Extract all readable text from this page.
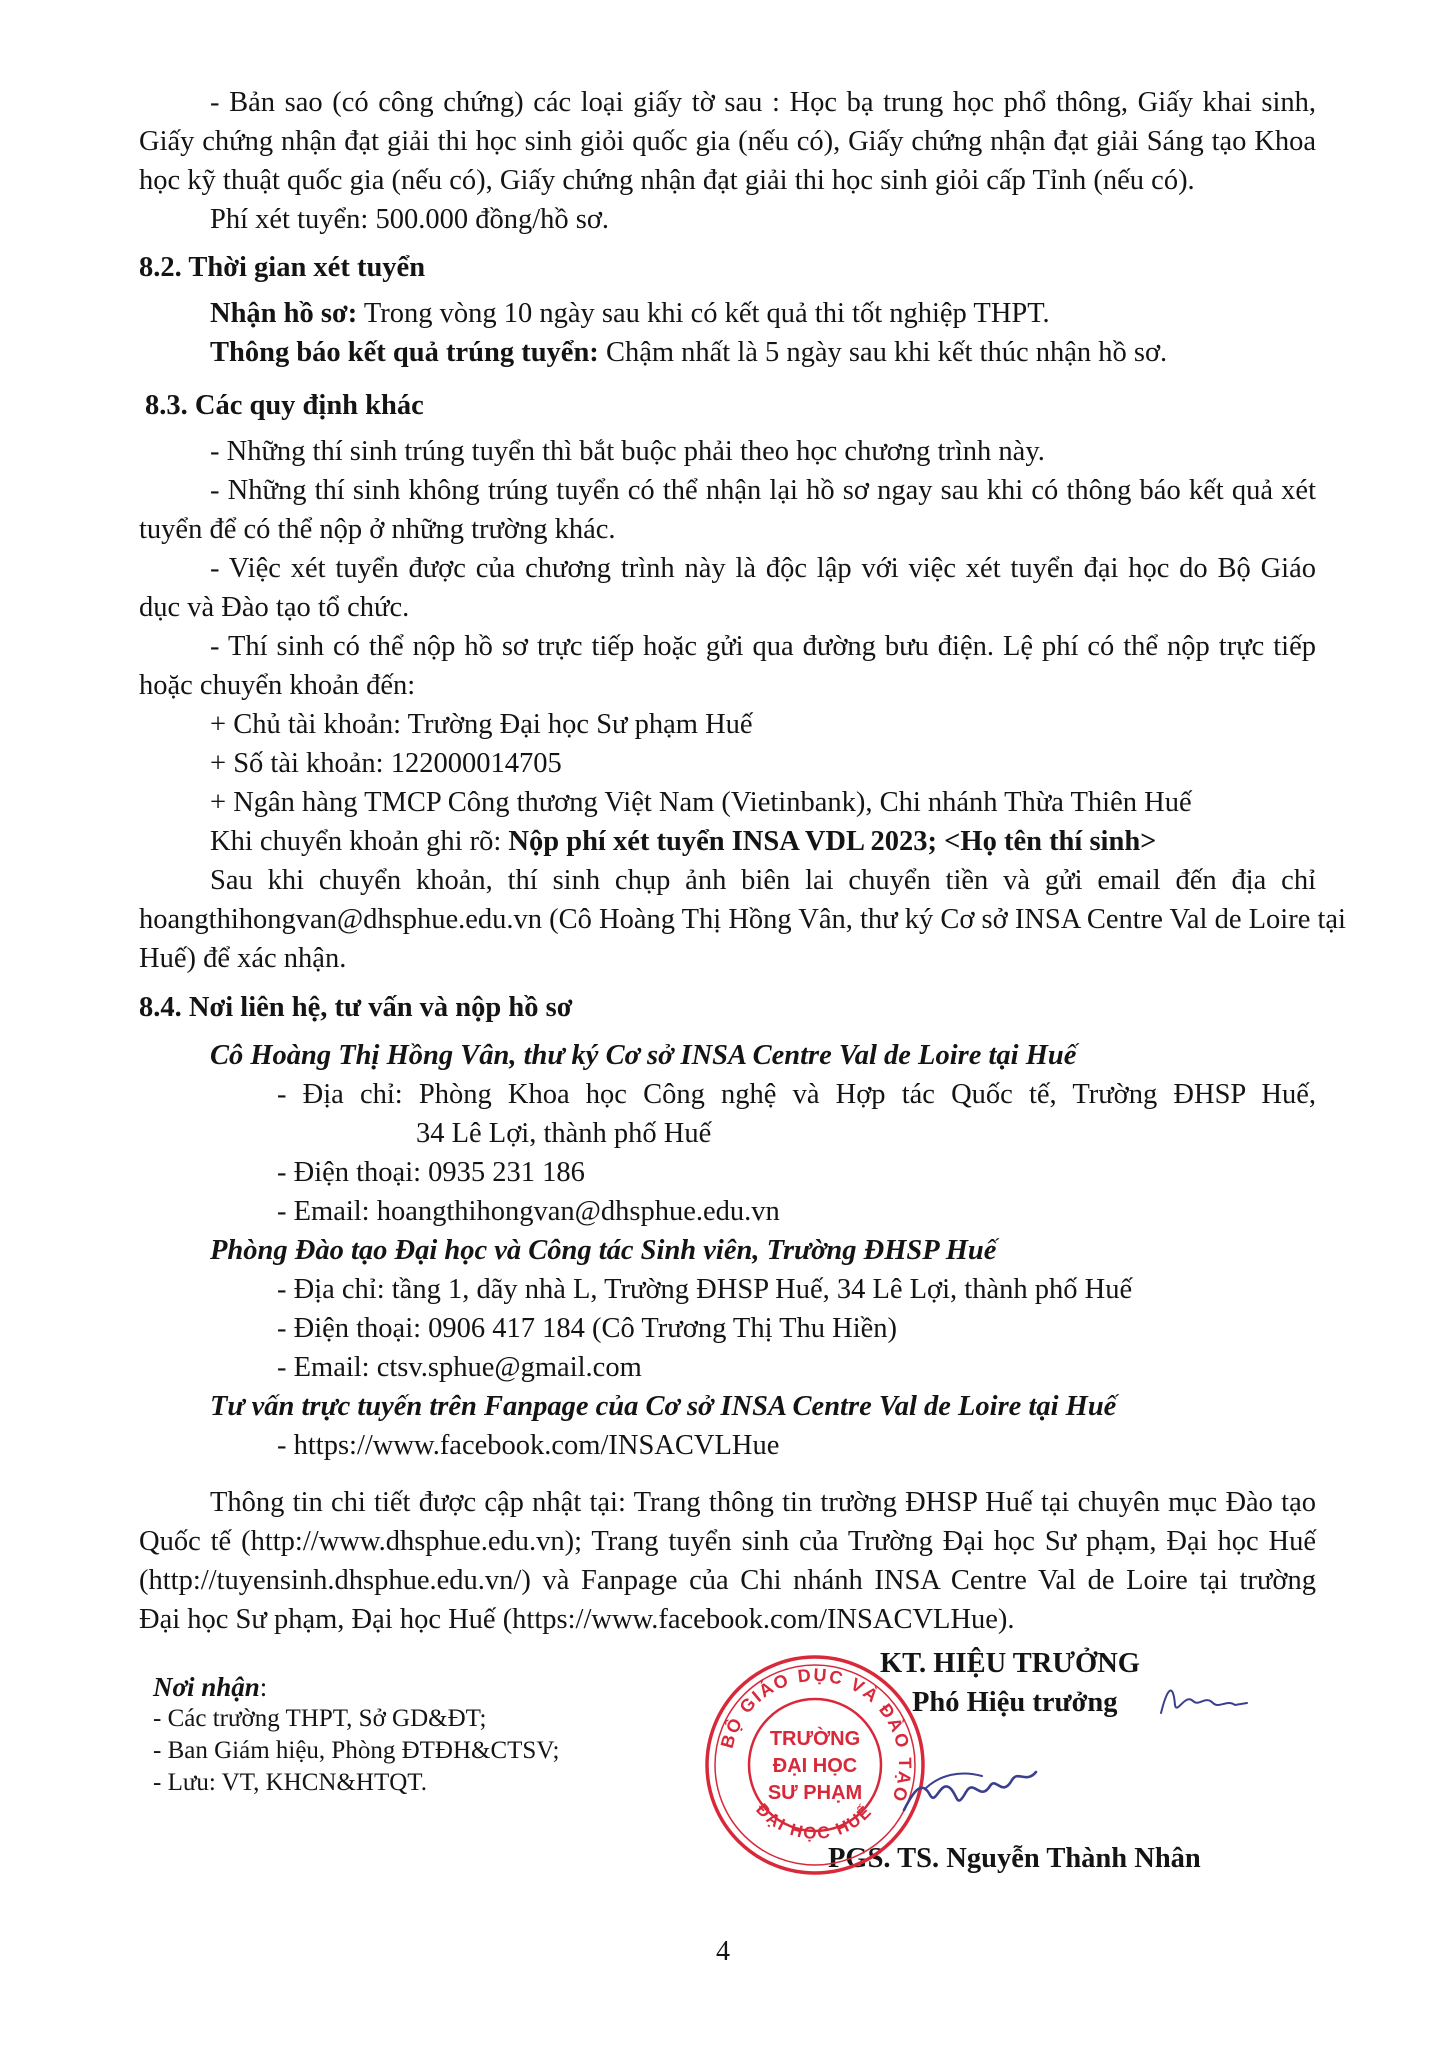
- Bản sao (có công chứng) các loại giấy tờ sau : Học bạ trung học phổ thông, Giấy khai sinh,

Giấy chứng nhận đạt giải thi học sinh giỏi quốc gia (nếu có), Giấy chứng nhận đạt giải Sáng tạo Khoa

học kỹ thuật quốc gia (nếu có), Giấy chứng nhận đạt giải thi học sinh giỏi cấp Tỉnh (nếu có).

Phí xét tuyển: 500.000 đồng/hồ sơ.

8.2. Thời gian xét tuyển

Nhận hồ sơ: Trong vòng 10 ngày sau khi có kết quả thi tốt nghiệp THPT.

Thông báo kết quả trúng tuyển: Chậm nhất là 5 ngày sau khi kết thúc nhận hồ sơ.

8.3. Các quy định khác

- Những thí sinh trúng tuyển thì bắt buộc phải theo học chương trình này.

- Những thí sinh không trúng tuyển có thể nhận lại hồ sơ ngay sau khi có thông báo kết quả xét

tuyển để có thể nộp ở những trường khác.

- Việc xét tuyển được của chương trình này là độc lập với việc xét tuyển đại học do Bộ Giáo

dục và Đào tạo tổ chức.

- Thí sinh có thể nộp hồ sơ trực tiếp hoặc gửi qua đường bưu điện. Lệ phí có thể nộp trực tiếp

hoặc chuyển khoản đến:

+ Chủ tài khoản: Trường Đại học Sư phạm Huế

+ Số tài khoản: 122000014705

+ Ngân hàng TMCP Công thương Việt Nam (Vietinbank), Chi nhánh Thừa Thiên Huế

Khi chuyển khoản ghi rõ: Nộp phí xét tuyển INSA VDL 2023; <Họ tên thí sinh>

Sau khi chuyển khoản, thí sinh chụp ảnh biên lai chuyển tiền và gửi email đến địa chỉ

hoangthihongvan@dhsphue.edu.vn (Cô Hoàng Thị Hồng Vân, thư ký Cơ sở INSA Centre Val de Loire tại

Huế) để xác nhận.

8.4. Nơi liên hệ, tư vấn và nộp hồ sơ

Cô Hoàng Thị Hồng Vân, thư ký Cơ sở INSA Centre Val de Loire tại Huế

- Địa chỉ: Phòng Khoa học Công nghệ và Hợp tác Quốc tế, Trường ĐHSP Huế,

34 Lê Lợi, thành phố Huế

- Điện thoại: 0935 231 186

- Email: hoangthihongvan@dhsphue.edu.vn

Phòng Đào tạo Đại học và Công tác Sinh viên, Trường ĐHSP Huế

- Địa chỉ: tầng 1, dãy nhà L, Trường ĐHSP Huế, 34 Lê Lợi, thành phố Huế

- Điện thoại: 0906 417 184 (Cô Trương Thị Thu Hiền)

- Email: ctsv.sphue@gmail.com

Tư vấn trực tuyến trên Fanpage của Cơ sở INSA Centre Val de Loire tại Huế

- https://www.facebook.com/INSACVLHue

Thông tin chi tiết được cập nhật tại: Trang thông tin trường ĐHSP Huế tại chuyên mục Đào tạo

Quốc tế (http://www.dhsphue.edu.vn); Trang tuyển sinh của Trường Đại học Sư phạm, Đại học Huế

(http://tuyensinh.dhsphue.edu.vn/) và Fanpage của Chi nhánh INSA Centre Val de Loire tại trường

Đại học Sư phạm, Đại học Huế (https://www.facebook.com/INSACVLHue).

Nơi nhận:

- Các trường THPT, Sở GD&ĐT;

- Ban Giám hiệu, Phòng ĐTĐH&CTSV;

- Lưu: VT, KHCN&HTQT.

KT. HIỆU TRƯỞNG

Phó Hiệu trưởng

PGS. TS. Nguyễn Thành Nhân

BỘ GIÁO DỤC VÀ ĐÀO TẠO
ĐẠI HỌC HUẾ
TRƯỜNG
ĐẠI HỌC
SƯ PHẠM

4
